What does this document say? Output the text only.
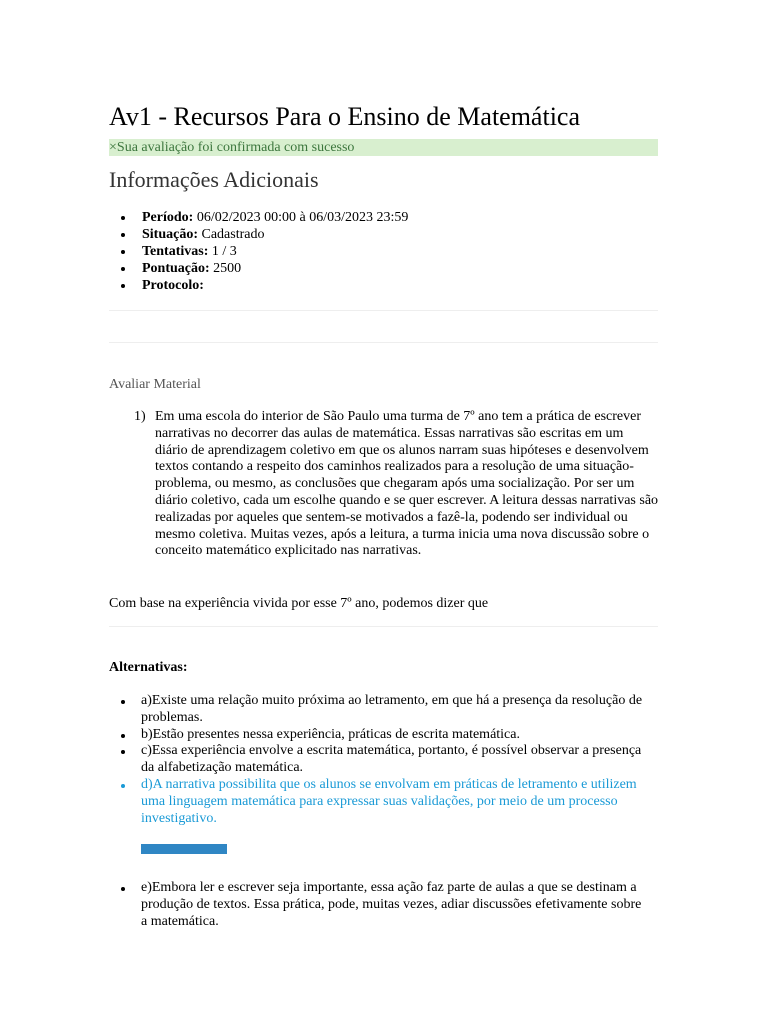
Av1 - Recursos Para o Ensino de Matemática
×Sua avaliação foi confirmada com sucesso
Informações Adicionais
Período: 06/02/2023 00:00 à 06/03/2023 23:59
Situação: Cadastrado
Tentativas: 1 / 3
Pontuação: 2500
Protocolo:
Avaliar Material
1) Em uma escola do interior de São Paulo uma turma de 7º ano tem a prática de escrever narrativas no decorrer das aulas de matemática. Essas narrativas são escritas em um diário de aprendizagem coletivo em que os alunos narram suas hipóteses e desenvolvem textos contando a respeito dos caminhos realizados para a resolução de uma situação-problema, ou mesmo, as conclusões que chegaram após uma socialização. Por ser um diário coletivo, cada um escolhe quando e se quer escrever. A leitura dessas narrativas são realizadas por aqueles que sentem-se motivados a fazê-la, podendo ser individual ou mesmo coletiva. Muitas vezes, após a leitura, a turma inicia uma nova discussão sobre o conceito matemático explicitado nas narrativas.
Com base na experiência vivida por esse 7º ano, podemos dizer que
Alternativas:
a)Existe uma relação muito próxima ao letramento, em que há a presença da resolução de problemas.
b)Estão presentes nessa experiência, práticas de escrita matemática.
c)Essa experiência envolve a escrita matemática, portanto, é possível observar a presença da alfabetização matemática.
d)A narrativa possibilita que os alunos se envolvam em práticas de letramento e utilizem uma linguagem matemática para expressar suas validações, por meio de um processo investigativo.
e)Embora ler e escrever seja importante, essa ação faz parte de aulas a que se destinam a produção de textos. Essa prática, pode, muitas vezes, adiar discussões efetivamente sobre a matemática.
